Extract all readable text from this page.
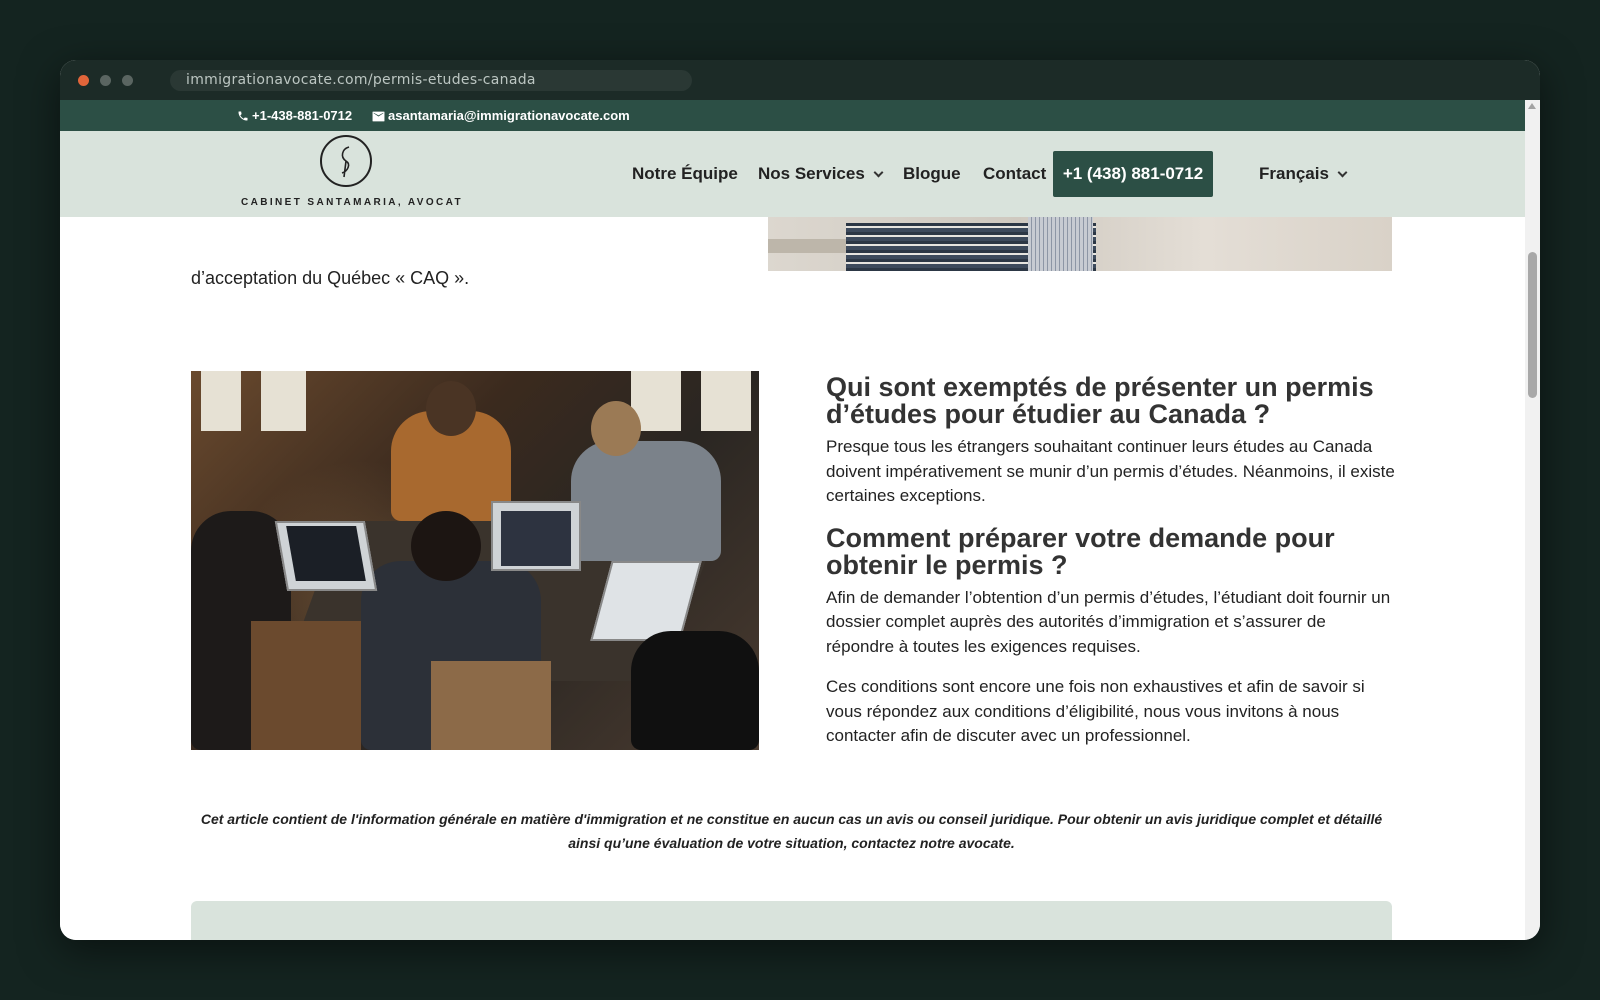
immigrationavocate.com/permis-etudes-canada
+1-438-881-0712	asantamaria@immigrationavocate.com
CABINET SANTAMARIA, AVOCAT
Notre Équipe Nos Services	Blogue Contact +1 (438) 881-0712	Français
d’acceptation du Québec « CAQ ».
Qui sont exemptés de présenter un permis d’études pour étudier au Canada ?

Presque tous les étrangers souhaitant continuer leurs études au Canada doivent impérativement se munir d’un permis d’études. Néanmoins, il existe certaines exceptions.

Comment préparer votre demande pour obtenir le permis ?

Afin de demander l’obtention d’un permis d’études, l’étudiant doit fournir un dossier complet auprès des autorités d’immigration et s’assurer de répondre à toutes les exigences requises.

Ces conditions sont encore une fois non exhaustives et afin de savoir si vous répondez aux conditions d’éligibilité, nous vous invitons à nous contacter afin de discuter avec un professionnel.

Cet article contient de l'information générale en matière d'immigration et ne constitue en aucun cas un avis ou conseil juridique. Pour obtenir un avis juridique complet et détaillé ainsi qu’une évaluation de votre situation, contactez notre avocate.
